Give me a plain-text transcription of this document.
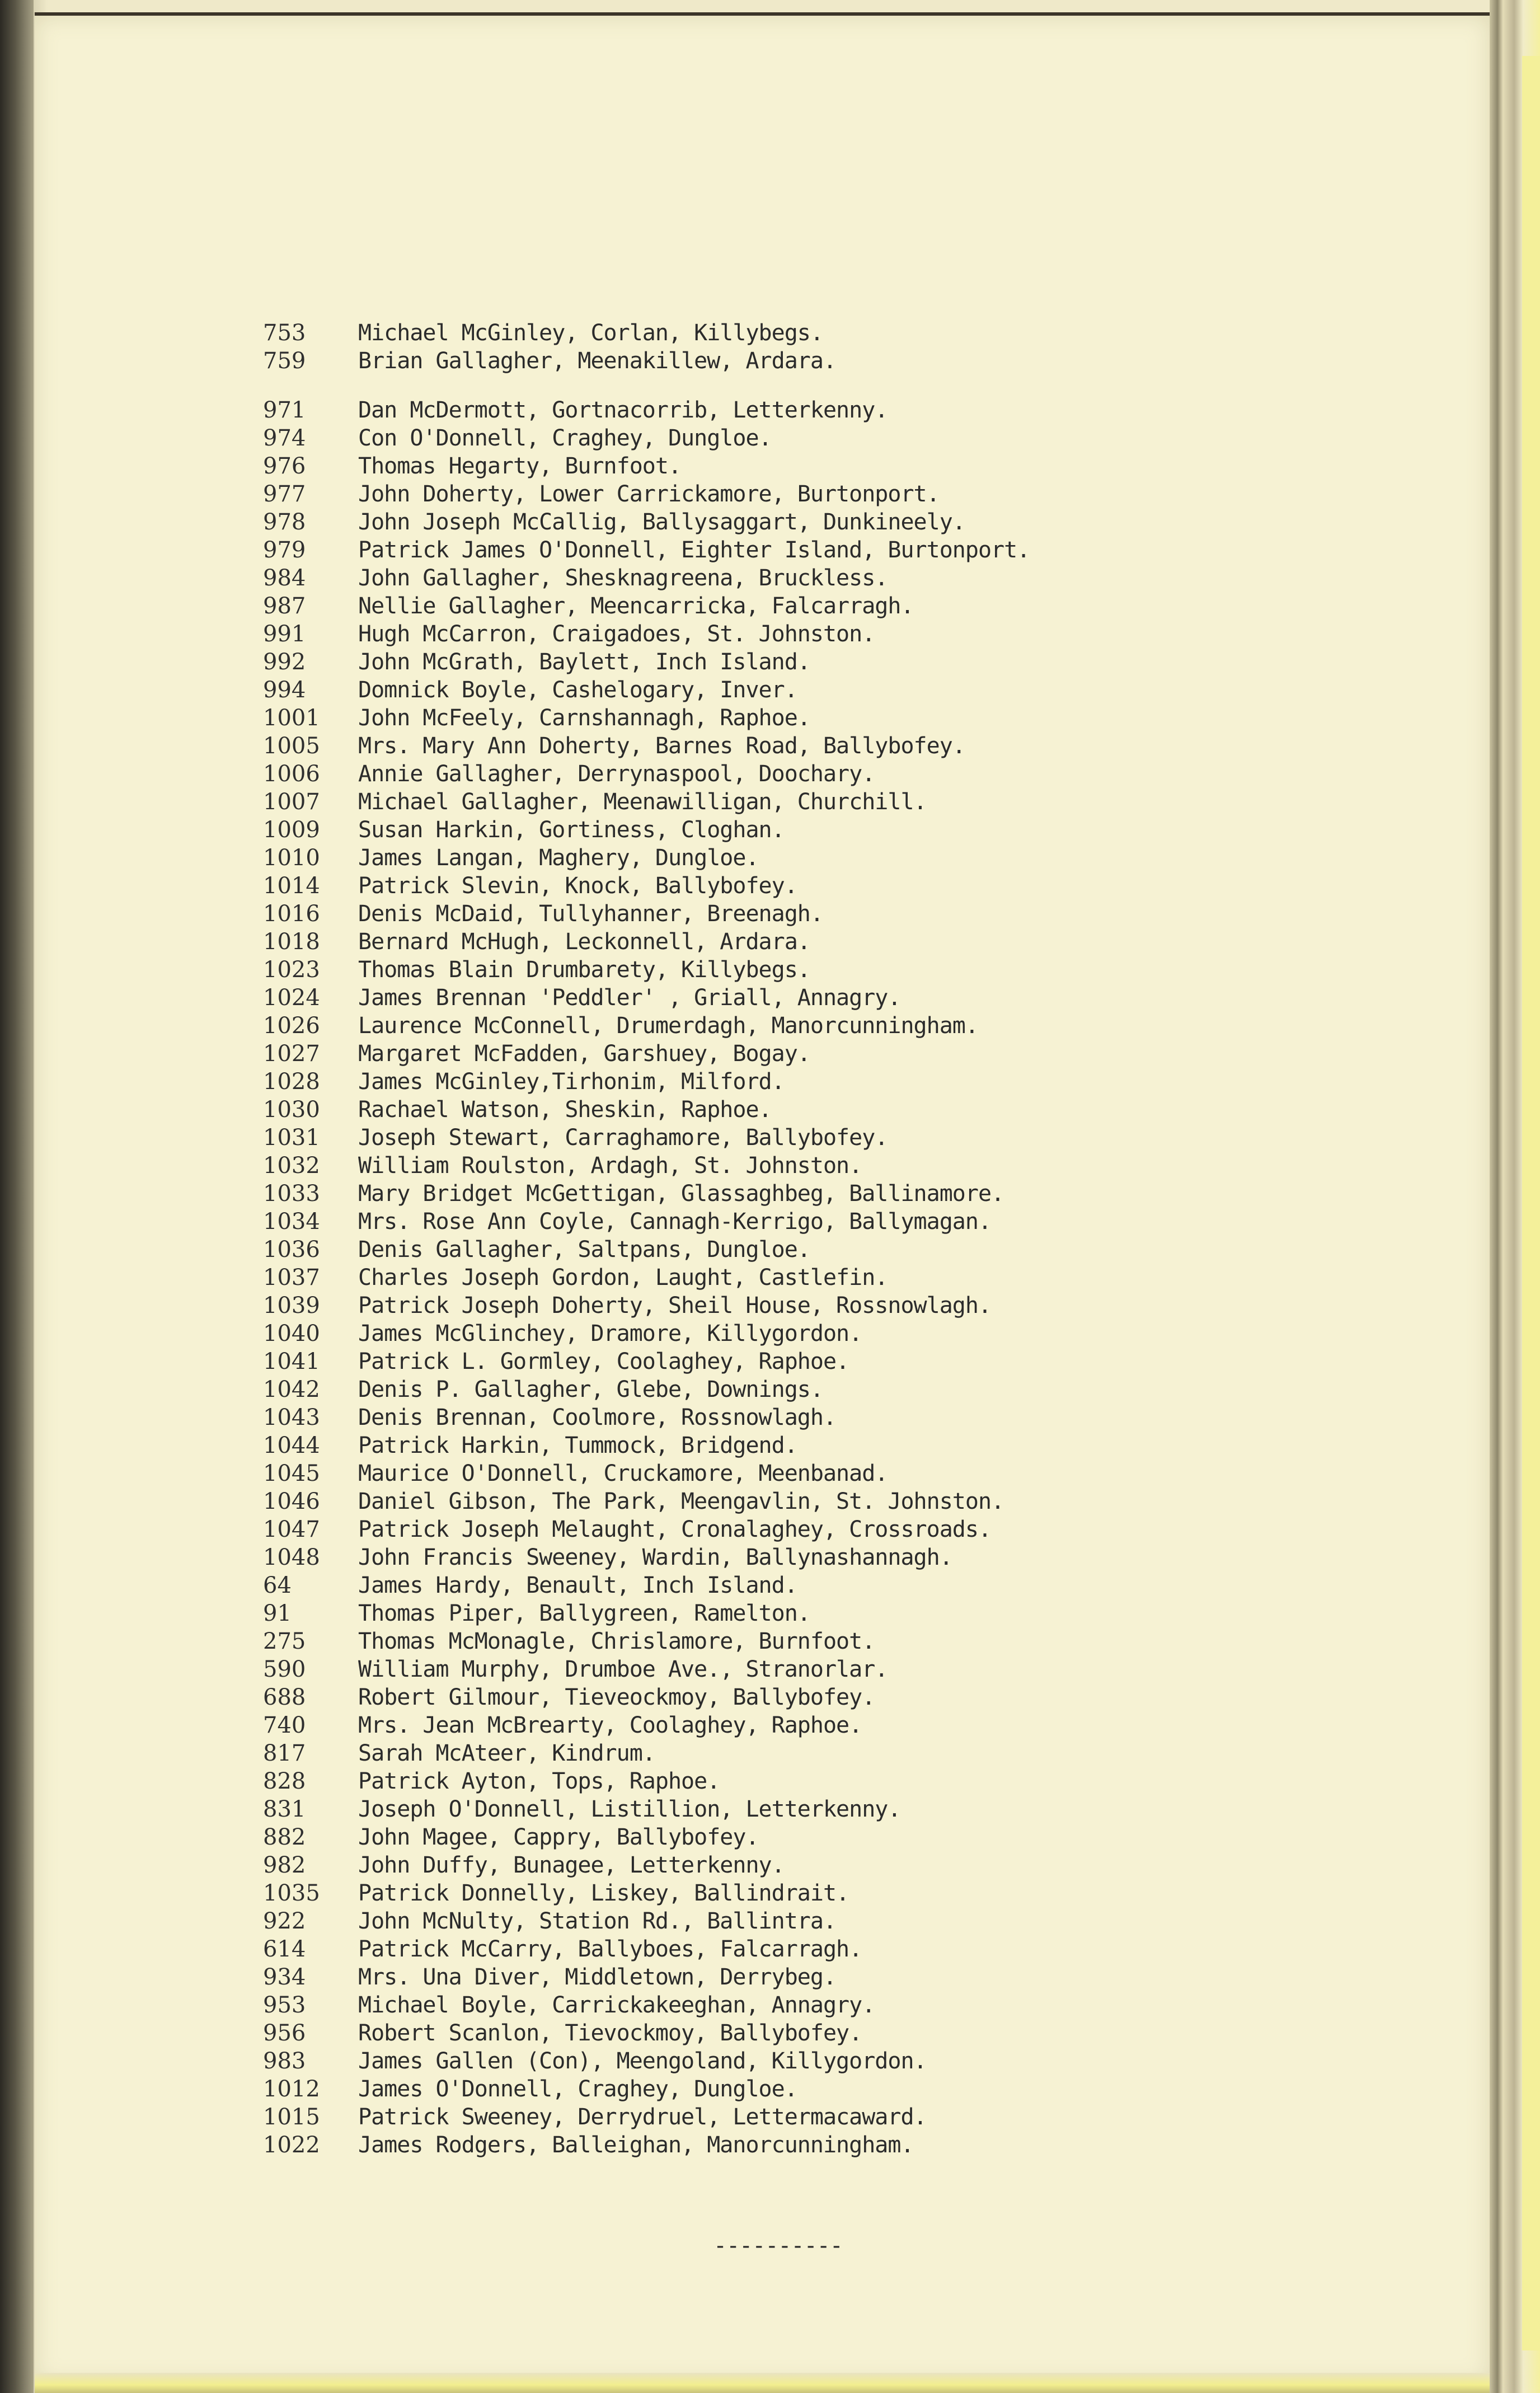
753	Michael McGinley, Corlan, Killybegs.
759	Brian Gallagher, Meenakillew, Ardara.
971	Dan McDermott, Gortnacorrib, Letterkenny.
974	Con O'Donnell, Craghey, Dungloe.
976	Thomas Hegarty, Burnfoot.
977	John Doherty, Lower Carrickamore, Burtonport.
978	John Joseph McCallig, Ballysaggart, Dunkineely.
979	Patrick James O'Donnell, Eighter Island, Burtonport.
984	John Gallagher, Shesknagreena, Bruckless.
987	Nellie Gallagher, Meencarricka, Falcarragh.
991	Hugh McCarron, Craigadoes, St. Johnston.
992	John McGrath, Baylett, Inch Island.
994	Domnick Boyle, Cashelogary, Inver.
1001	John McFeely, Carnshannagh, Raphoe.
1005	Mrs. Mary Ann Doherty, Barnes Road, Ballybofey.
1006	Annie Gallagher, Derrynaspool, Doochary.
1007	Michael Gallagher, Meenawilligan, Churchill.
1009	Susan Harkin, Gortiness, Cloghan.
1010	James Langan, Maghery, Dungloe.
1014	Patrick Slevin, Knock, Ballybofey.
1016	Denis McDaid, Tullyhanner, Breenagh.
1018	Bernard McHugh, Leckonnell, Ardara.
1023	Thomas Blain Drumbarety, Killybegs.
1024	James Brennan 'Peddler' , Griall, Annagry.
1026	Laurence McConnell, Drumerdagh, Manorcunningham.
1027	Margaret McFadden, Garshuey, Bogay.
1028	James McGinley,Tirhonim, Milford.
1030	Rachael Watson, Sheskin, Raphoe.
1031	Joseph Stewart, Carraghamore, Ballybofey.
1032	William Roulston, Ardagh, St. Johnston.
1033	Mary Bridget McGettigan, Glassaghbeg, Ballinamore.
1034	Mrs. Rose Ann Coyle, Cannagh-Kerrigo, Ballymagan.
1036	Denis Gallagher, Saltpans, Dungloe.
1037	Charles Joseph Gordon, Laught, Castlefin.
1039	Patrick Joseph Doherty, Sheil House, Rossnowlagh.
1040	James McGlinchey, Dramore, Killygordon.
1041	Patrick L. Gormley, Coolaghey, Raphoe.
1042	Denis P. Gallagher, Glebe, Downings.
1043	Denis Brennan, Coolmore, Rossnowlagh.
1044	Patrick Harkin, Tummock, Bridgend.
1045	Maurice O'Donnell, Cruckamore, Meenbanad.
1046	Daniel Gibson, The Park, Meengavlin, St. Johnston.
1047	Patrick Joseph Melaught, Cronalaghey, Crossroads.
1048	John Francis Sweeney, Wardin, Ballynashannagh.
64	James Hardy, Benault, Inch Island.
91	Thomas Piper, Ballygreen, Ramelton.
275	Thomas McMonagle, Chrislamore, Burnfoot.
590	William Murphy, Drumboe Ave., Stranorlar.
688	Robert Gilmour, Tieveockmoy, Ballybofey.
740	Mrs. Jean McBrearty, Coolaghey, Raphoe.
817	Sarah McAteer, Kindrum.
828	Patrick Ayton, Tops, Raphoe.
831	Joseph O'Donnell, Listillion, Letterkenny.
882	John Magee, Cappry, Ballybofey.
982	John Duffy, Bunagee, Letterkenny.
1035	Patrick Donnelly, Liskey, Ballindrait.
922	John McNulty, Station Rd., Ballintra.
614	Patrick McCarry, Ballyboes, Falcarragh.
934	Mrs. Una Diver, Middletown, Derrybeg.
953	Michael Boyle, Carrickakeeghan, Annagry.
956	Robert Scanlon, Tievockmoy, Ballybofey.
983	James Gallen (Con), Meengoland, Killygordon.
1012	James O'Donnell, Craghey, Dungloe.
1015	Patrick Sweeney, Derrydruel, Lettermacaward.
1022	James Rodgers, Balleighan, Manorcunningham.
----------
